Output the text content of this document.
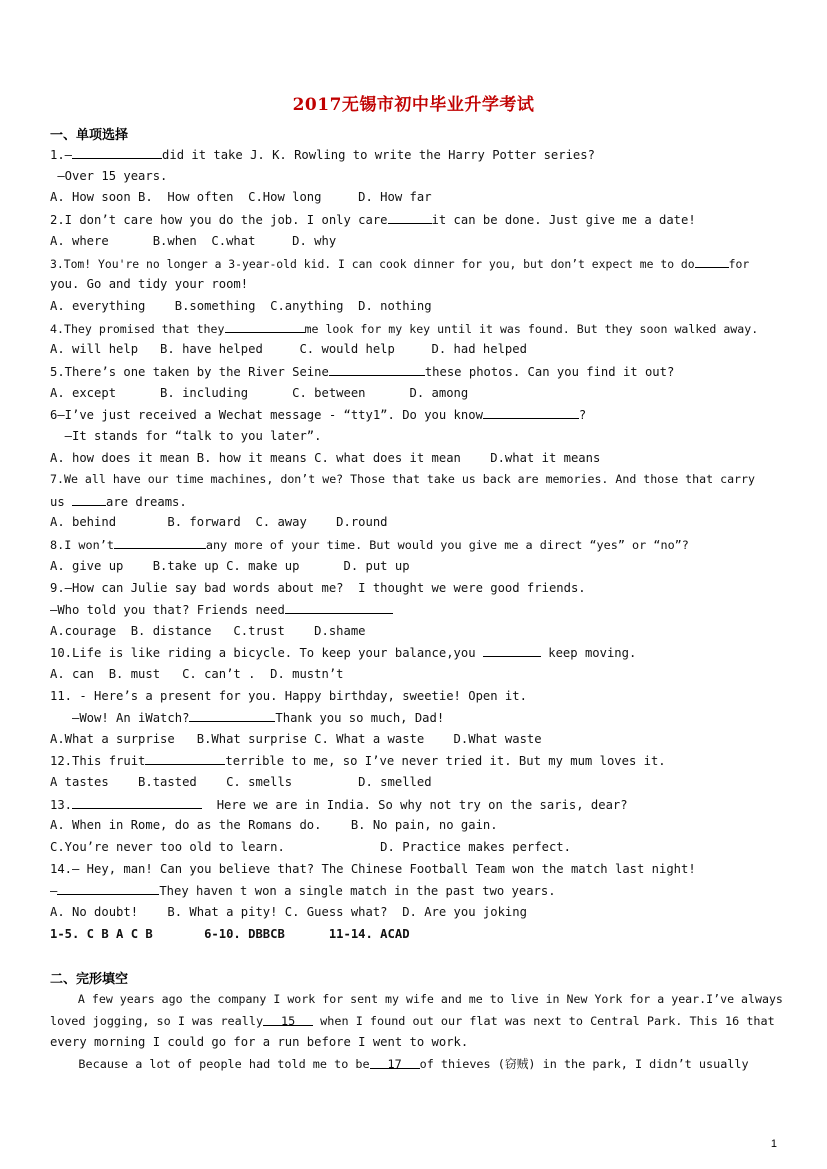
2017无锡市初中毕业升学考试
一、单项选择
1.—	did it take J. K. Rowling to write the Harry Potter series?
—Over 15 years.
A. How soon B.  How often  C.How long     D. How far
2.I don’t care how you do the job. I only care	it can be done. Just give me a date!
A. where      B.when  C.what     D. why
3.Tom! You're no longer a 3-year-old kid. I can cook dinner for you, but don’t expect me to do	for
you. Go and tidy your room!
A. everything    B.something  C.anything  D. nothing
4.They promised that they	me look for my key until it was found. But they soon walked away.
A. will help   B. have helped     C. would help     D. had helped
5.There’s one taken by the River Seine	these photos. Can you find it out?
A. except      B. including      C. between      D. among
6—I’ve just received a Wechat message - “tty1”. Do you know	?
—It stands for “talk to you later”.
A. how does it mean B. how it means C. what does it mean    D.what it means
7.We all have our time machines, don’t we? Those that take us back are memories. And those that carry
us	are dreams.
A. behind       B. forward  C. away    D.round
8.I won’t	any more of your time. But would you give me a direct “yes” or “no”?
A. give up    B.take up C. make up      D. put up
9.—How can Julie say bad words about me?  I thought we were good friends.
—Who told you that? Friends need
A.courage  B. distance   C.trust    D.shame
10.Life is like riding a bicycle. To keep your balance,you	keep moving.
A. can  B. must   C. can’t .  D. mustn’t
11. - Here’s a present for you. Happy birthday, sweetie! Open it.
—Wow! An iWatch?	Thank you so much, Dad!
A.What a surprise   B.What surprise C. What a waste    D.What waste
12.This fruit	terrible to me, so I’ve never tried it. But my mum loves it.
A tastes    B.tasted    C. smells         D. smelled
13.	Here we are in India. So why not try on the saris, dear?
A. When in Rome, do as the Romans do.    B. No pain, no gain.
C.You’re never too old to learn.             D. Practice makes perfect.
14.— Hey, man! Can you believe that? The Chinese Football Team won the match last night!
—	They haven t won a single match in the past two years.
A. No doubt!    B. What a pity! C. Guess what?  D. Are you joking
1-5. C B A C B       6-10. DBBCB      11-14. ACAD
二、完形填空
A few years ago the company I work for sent my wife and me to live in New York for a year.I’ve always
loved jogging, so I was really 15 when I found out our flat was next to Central Park. This 16 that
every morning I could go for a run before I went to work.
Because a lot of people had told me to be 17 of thieves (窃贼) in the park, I didn’t usually
1
